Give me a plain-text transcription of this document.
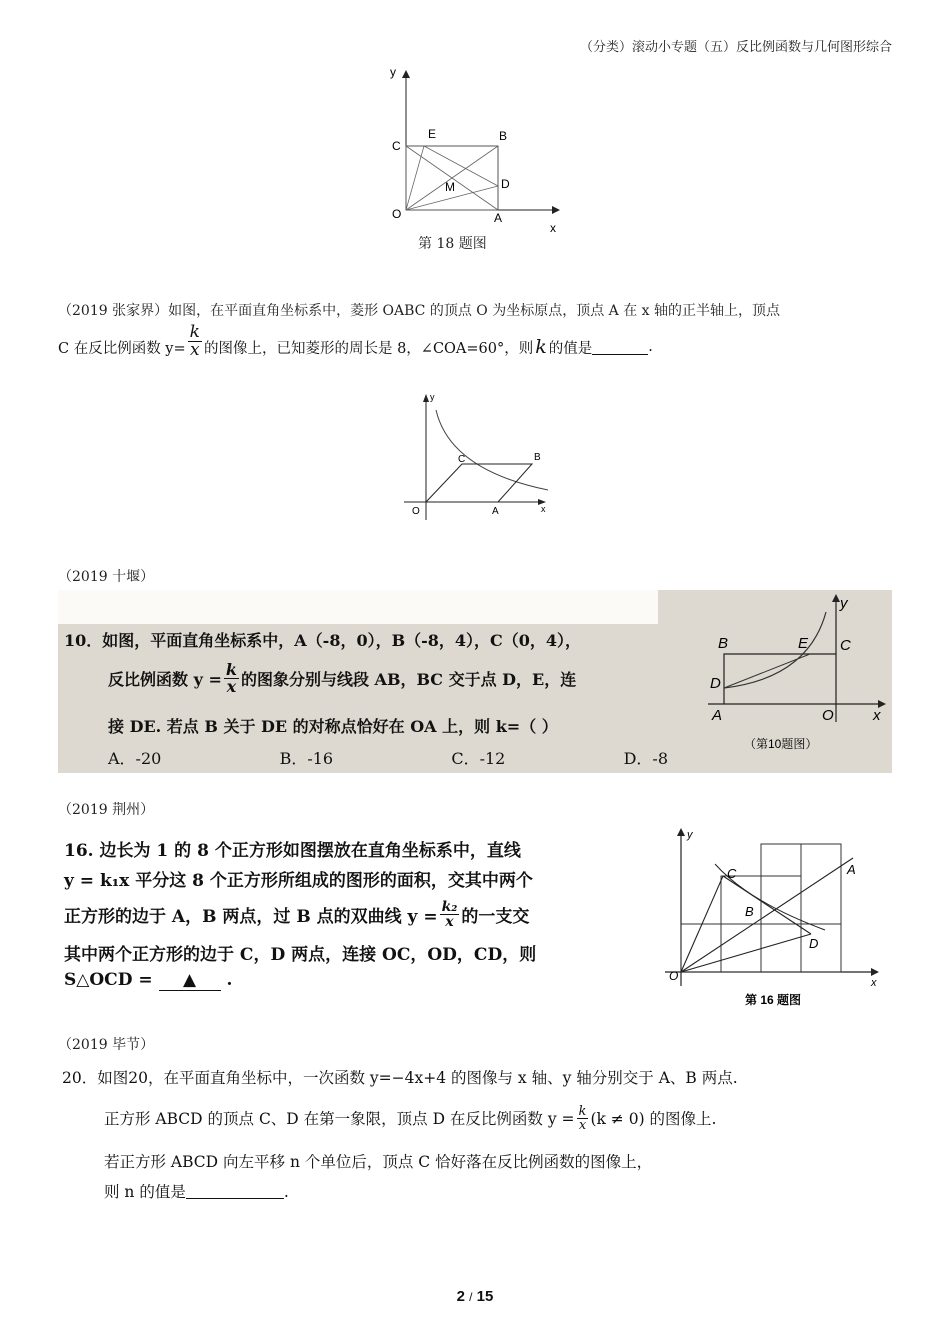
（分类）滚动小专题（五）反比例函数与几何图形综合
y
x
O	A
B
C
D
E
M
第 18 题图
（2019 张家界）如图，在平面直角坐标系中，菱形 OABC 的顶点 O 为坐标原点，顶点 A 在 x 轴的正半轴上，顶点
C 在反比例函数 $y= \frac{k}{x}$ 的图像上，已知菱形的周长是 8，∠COA=60°，则 k 的值是	.
y
x
O	A
B
C
（2019 十堰）
10．如图，平面直角坐标系中，A（-8，0），B（-8，4），C（0，4），
反比例函数 $y = \frac{k}{x}$ 的图象分别与线段 AB，BC 交于点 D，E，连
接 DE. 若点 B 关于 DE 的对称点恰好在 OA 上，则 k=（ ）
A．-20	B．-16	C．-12	D．-8
y
x
O
A
B	C
D
E
（第10题图）
（2019 荆州）
16. 边长为 1 的 8 个正方形如图摆放在直角坐标系中，直线
y = k₁x 平分这 8 个正方形所组成的图形的面积，交其中两个
正方形的边于 A，B 两点，过 B 点的双曲线 $y = \frac{\text{k₂}}{x}$ 的一支交
其中两个正方形的边于 C，D 两点，连接 OC，OD，CD，则
S△OCD = ▲ .
y
x
O
A
B
C
D
第 16 题图
（2019 毕节）
20．如图20，在平面直角坐标中，一次函数 y=−4x+4 的图像与 x 轴、y 轴分别交于 A、B 两点.
正方形 ABCD 的顶点 C、D 在第一象限，顶点 D 在反比例函数 $y = \frac{k}{x} (k \ne 0)$ 的图像上.
若正方形 ABCD 向左平移 n 个单位后，顶点 C 恰好落在反比例函数的图像上，
则 n 的值是	.
2 / 15
